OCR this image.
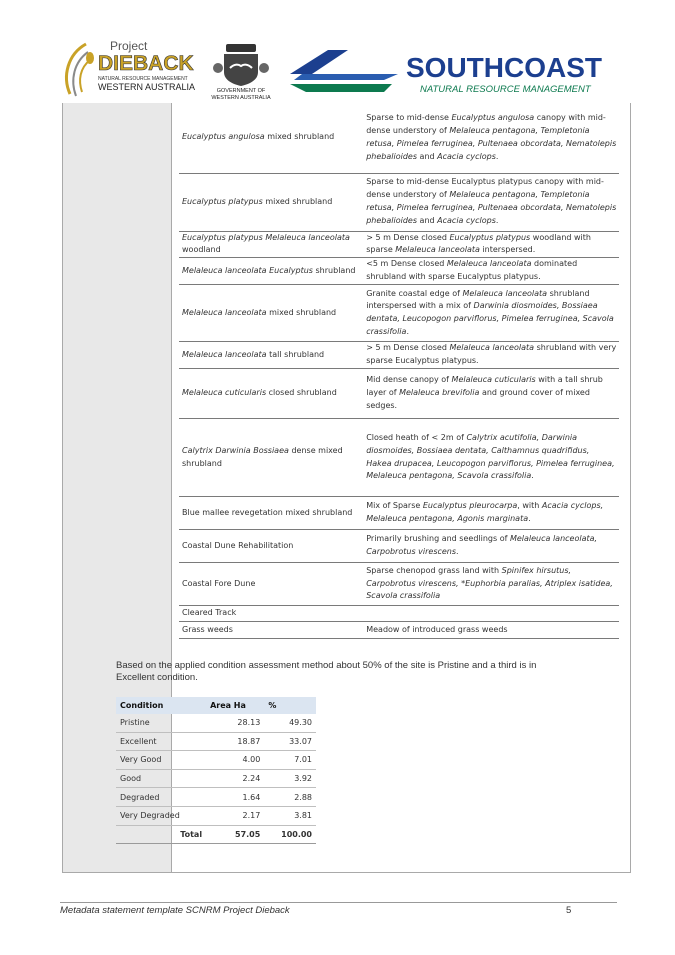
Project
DIEBACK
NATURAL RESOURCE MANAGEMENT
WESTERN AUSTRALIA	GOVERNMENT OF
WESTERN AUSTRALIA
SOUTHCOAST
NATURAL RESOURCE MANAGEMENT
Eucalyptus angulosa mixed shrubland	Sparse to mid-dense Eucalyptus angulosa canopy with mid-dense understory of Melaleuca pentagona, Templetonia retusa, Pimelea ferruginea, Pultenaea obcordata, Nematolepis phebalioides and Acacia cyclops.
Eucalyptus platypus mixed shrubland	Sparse to mid-dense Eucalyptus platypus canopy with mid-dense understory of Melaleuca pentagona, Templetonia retusa, Pimelea ferruginea, Pultenaea obcordata, Nematolepis phebalioides and Acacia cyclops.
Eucalyptus platypus Melaleuca lanceolata woodland	> 5 m Dense closed Eucalyptus platypus woodland with sparse Melaleuca lanceolata interspersed.
Melaleuca lanceolata Eucalyptus shrubland	<5 m Dense closed Melaleuca lanceolata dominated shrubland with sparse Eucalyptus platypus.
Melaleuca lanceolata mixed shrubland	Granite coastal edge of Melaleuca lanceolata shrubland interspersed with a mix of Darwinia diosmoides, Bossiaea dentata, Leucopogon parviflorus, Pimelea ferruginea, Scavola crassifolia.
Melaleuca lanceolata tall shrubland	> 5 m Dense closed Melaleuca lanceolata shrubland with very sparse Eucalyptus platypus.
Melaleuca cuticularis closed shrubland	Mid dense canopy of Melaleuca cuticularis with a tall shrub layer of Melaleuca brevifolia and ground cover of mixed sedges.
Calytrix Darwinia Bossiaea dense mixed shrubland	Closed heath of < 2m of Calytrix acutifolia, Darwinia diosmoides, Bossiaea dentata, Calthamnus quadrifidus, Hakea drupacea, Leucopogon parviflorus, Pimelea ferruginea, Melaleuca pentagona, Scavola crassifolia.
Blue mallee revegetation mixed shrubland	Mix of Sparse Eucalyptus pleurocarpa, with Acacia cyclops, Melaleuca pentagona, Agonis marginata.
Coastal Dune Rehabilitation	Primarily brushing and seedlings of Melaleuca lanceolata, Carpobrotus virescens.
Coastal Fore Dune	Sparse chenopod grass land with Spinifex hirsutus, Carpobrotus virescens, *Euphorbia paralias, Atriplex isatidea, Scavola crassifolia
Cleared Track	
Grass weeds	Meadow of introduced grass weeds
Based on the applied condition assessment method about 50% of the site is Pristine and a third is in Excellent condition.
Condition	Area Ha	%
Pristine	28.13	49.30
Excellent	18.87	33.07
Very Good	4.00	7.01
Good	2.24	3.92
Degraded	1.64	2.88
Very Degraded	2.17	3.81
Total	57.05	100.00
Metadata statement template SCNRM Project Dieback	5
